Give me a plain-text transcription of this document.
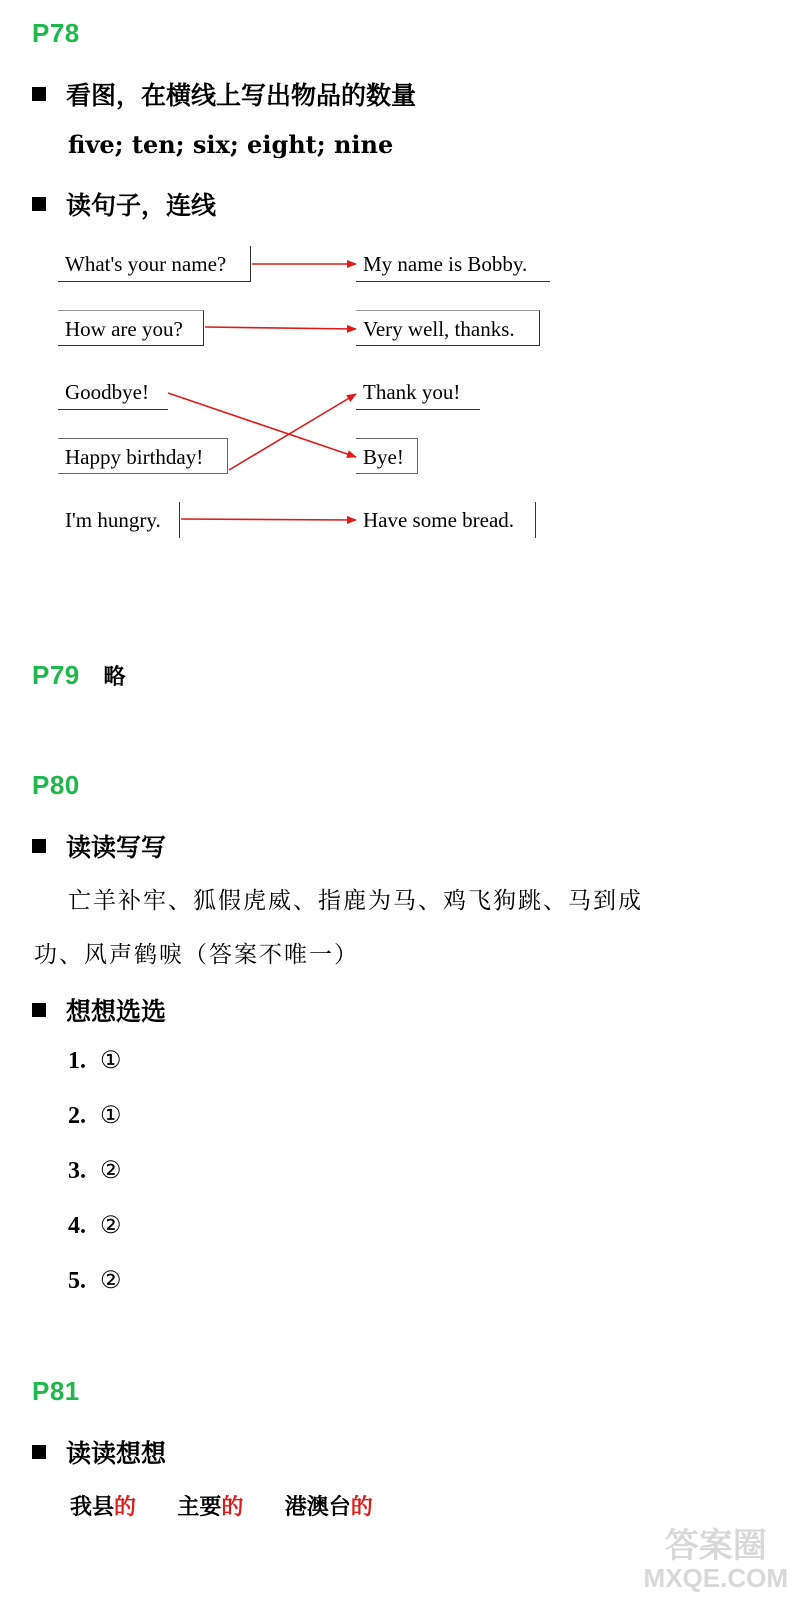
P78
看图，在横线上写出物品的数量
five; ten; six; eight; nine
读句子，连线
What's your name?	My name is Bobby.
How are you?	Very well, thanks.
Goodbye!	Thank you!
Happy birthday!	Bye!
I'm hungry.	Have some bread.
P79 略
P80
读读写写
亡羊补牢、狐假虎威、指鹿为马、鸡飞狗跳、马到成
功、风声鹤唳（答案不唯一）
想想选选
1. ①
2. ①
3. ②
4. ②
5. ②
P81
读读想想
我县的 主要的 港澳台的
答案圈
MXQE.COM
